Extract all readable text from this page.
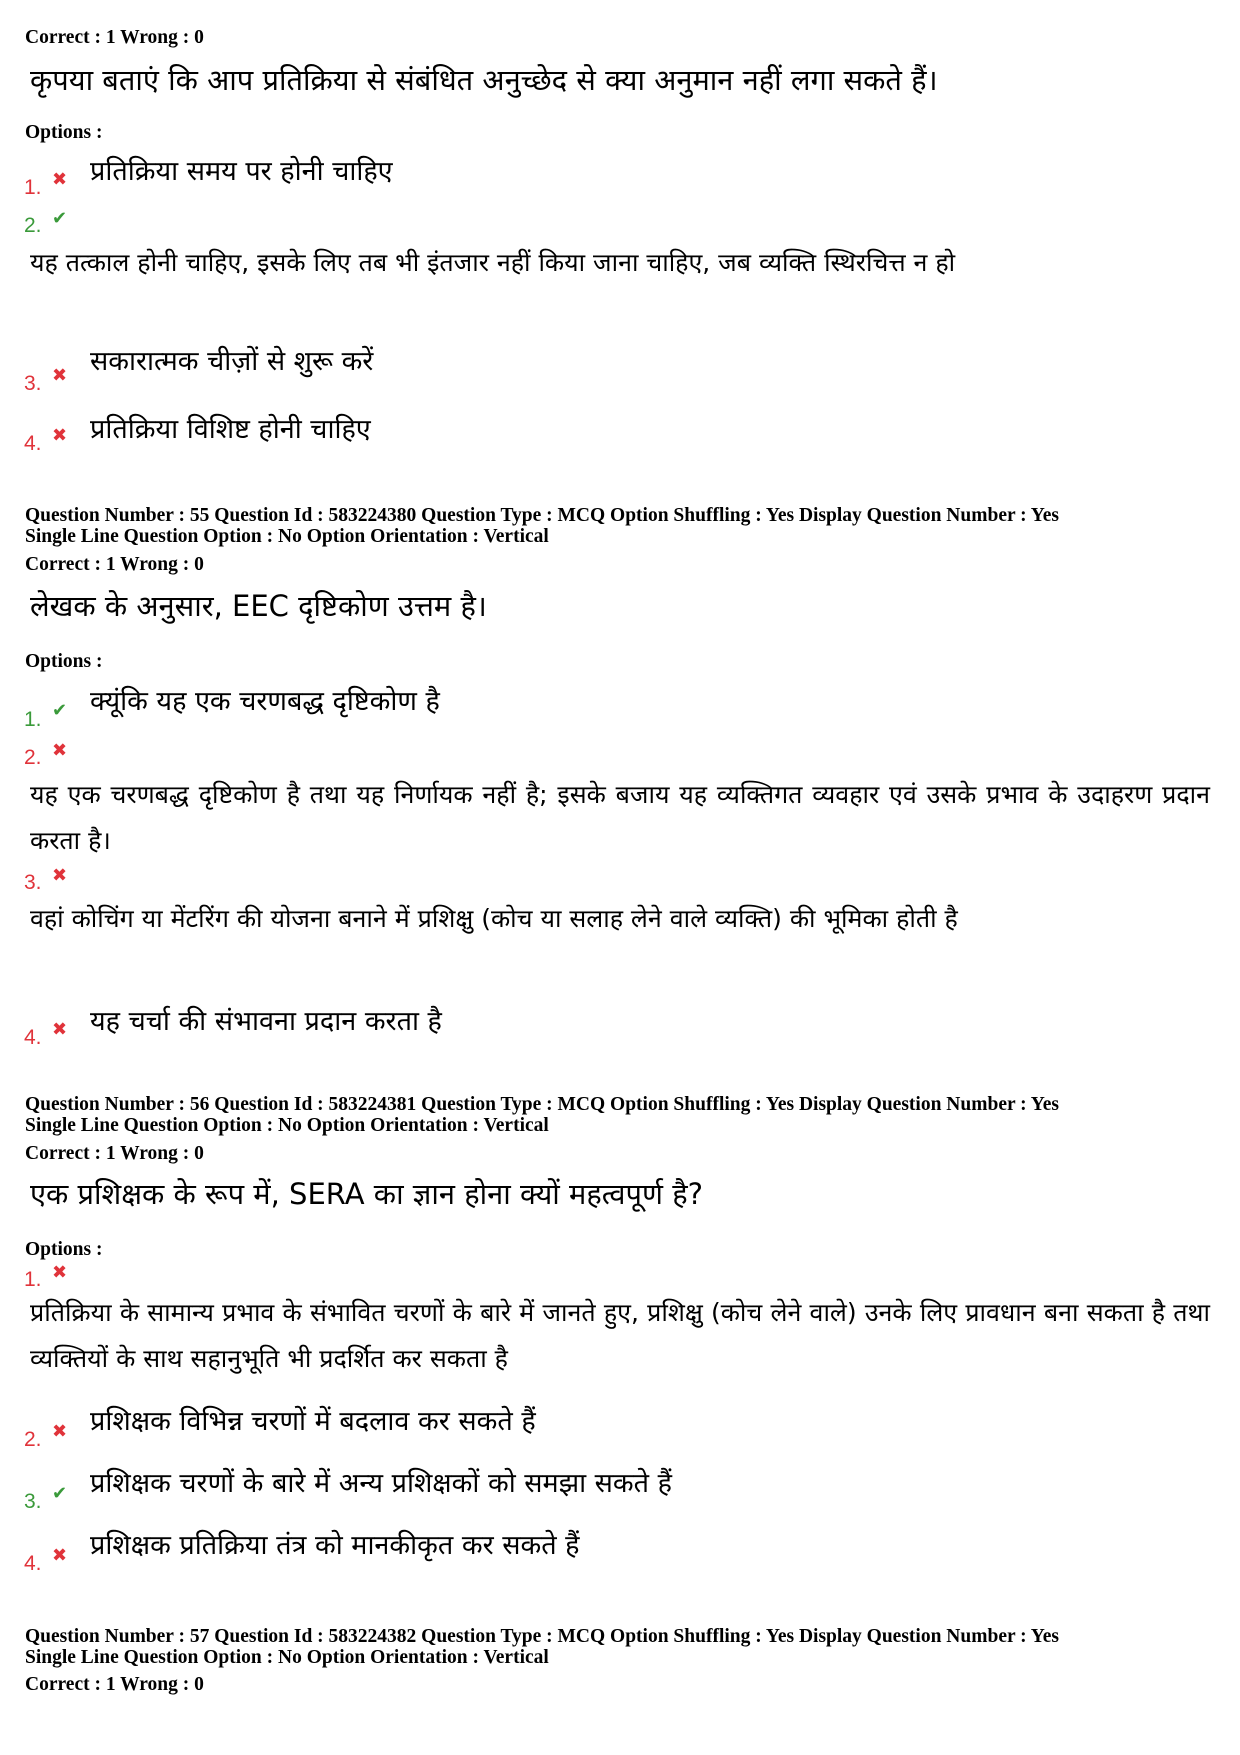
Correct : 1 Wrong : 0
कृपया बताएं कि आप प्रतिक्रिया से संबंधित अनुच्छेद से क्या अनुमान नहीं लगा सकते हैं।
Options :
1. ✖ प्रतिक्रिया समय पर होनी चाहिए
2. ✔
यह तत्काल होनी चाहिए, इसके लिए तब भी इंतजार नहीं किया जाना चाहिए, जब व्यक्ति स्थिरचित्त न हो
3. ✖ सकारात्मक चीज़ों से शुरू करें
4. ✖ प्रतिक्रिया विशिष्ट होनी चाहिए
Question Number : 55 Question Id : 583224380 Question Type : MCQ Option Shuffling : Yes Display Question Number : Yes
Single Line Question Option : No Option Orientation : Vertical
Correct : 1 Wrong : 0
लेखक के अनुसार, EEC दृष्टिकोण उत्तम है।
Options :
1. ✔ क्यूंकि यह एक चरणबद्ध दृष्टिकोण है
2. ✖
यह एक चरणबद्ध दृष्टिकोण है तथा यह निर्णायक नहीं है; इसके बजाय यह व्यक्तिगत व्यवहार एवं उसके प्रभाव के उदाहरण प्रदान करता है।
3. ✖
वहां कोचिंग या मेंटरिंग की योजना बनाने में प्रशिक्षु (कोच या सलाह लेने वाले व्यक्ति) की भूमिका होती है
4. ✖ यह चर्चा की संभावना प्रदान करता है
Question Number : 56 Question Id : 583224381 Question Type : MCQ Option Shuffling : Yes Display Question Number : Yes
Single Line Question Option : No Option Orientation : Vertical
Correct : 1 Wrong : 0
एक प्रशिक्षक के रूप में, SERA का ज्ञान होना क्यों महत्वपूर्ण है?
Options :
1. ✖
प्रतिक्रिया के सामान्य प्रभाव के संभावित चरणों के बारे में जानते हुए, प्रशिक्षु (कोच लेने वाले) उनके लिए प्रावधान बना सकता है तथा व्यक्तियों के साथ सहानुभूति भी प्रदर्शित कर सकता है
2. ✖ प्रशिक्षक विभिन्न चरणों में बदलाव कर सकते हैं
3. ✔ प्रशिक्षक चरणों के बारे में अन्य प्रशिक्षकों को समझा सकते हैं
4. ✖ प्रशिक्षक प्रतिक्रिया तंत्र को मानकीकृत कर सकते हैं
Question Number : 57 Question Id : 583224382 Question Type : MCQ Option Shuffling : Yes Display Question Number : Yes
Single Line Question Option : No Option Orientation : Vertical
Correct : 1 Wrong : 0
